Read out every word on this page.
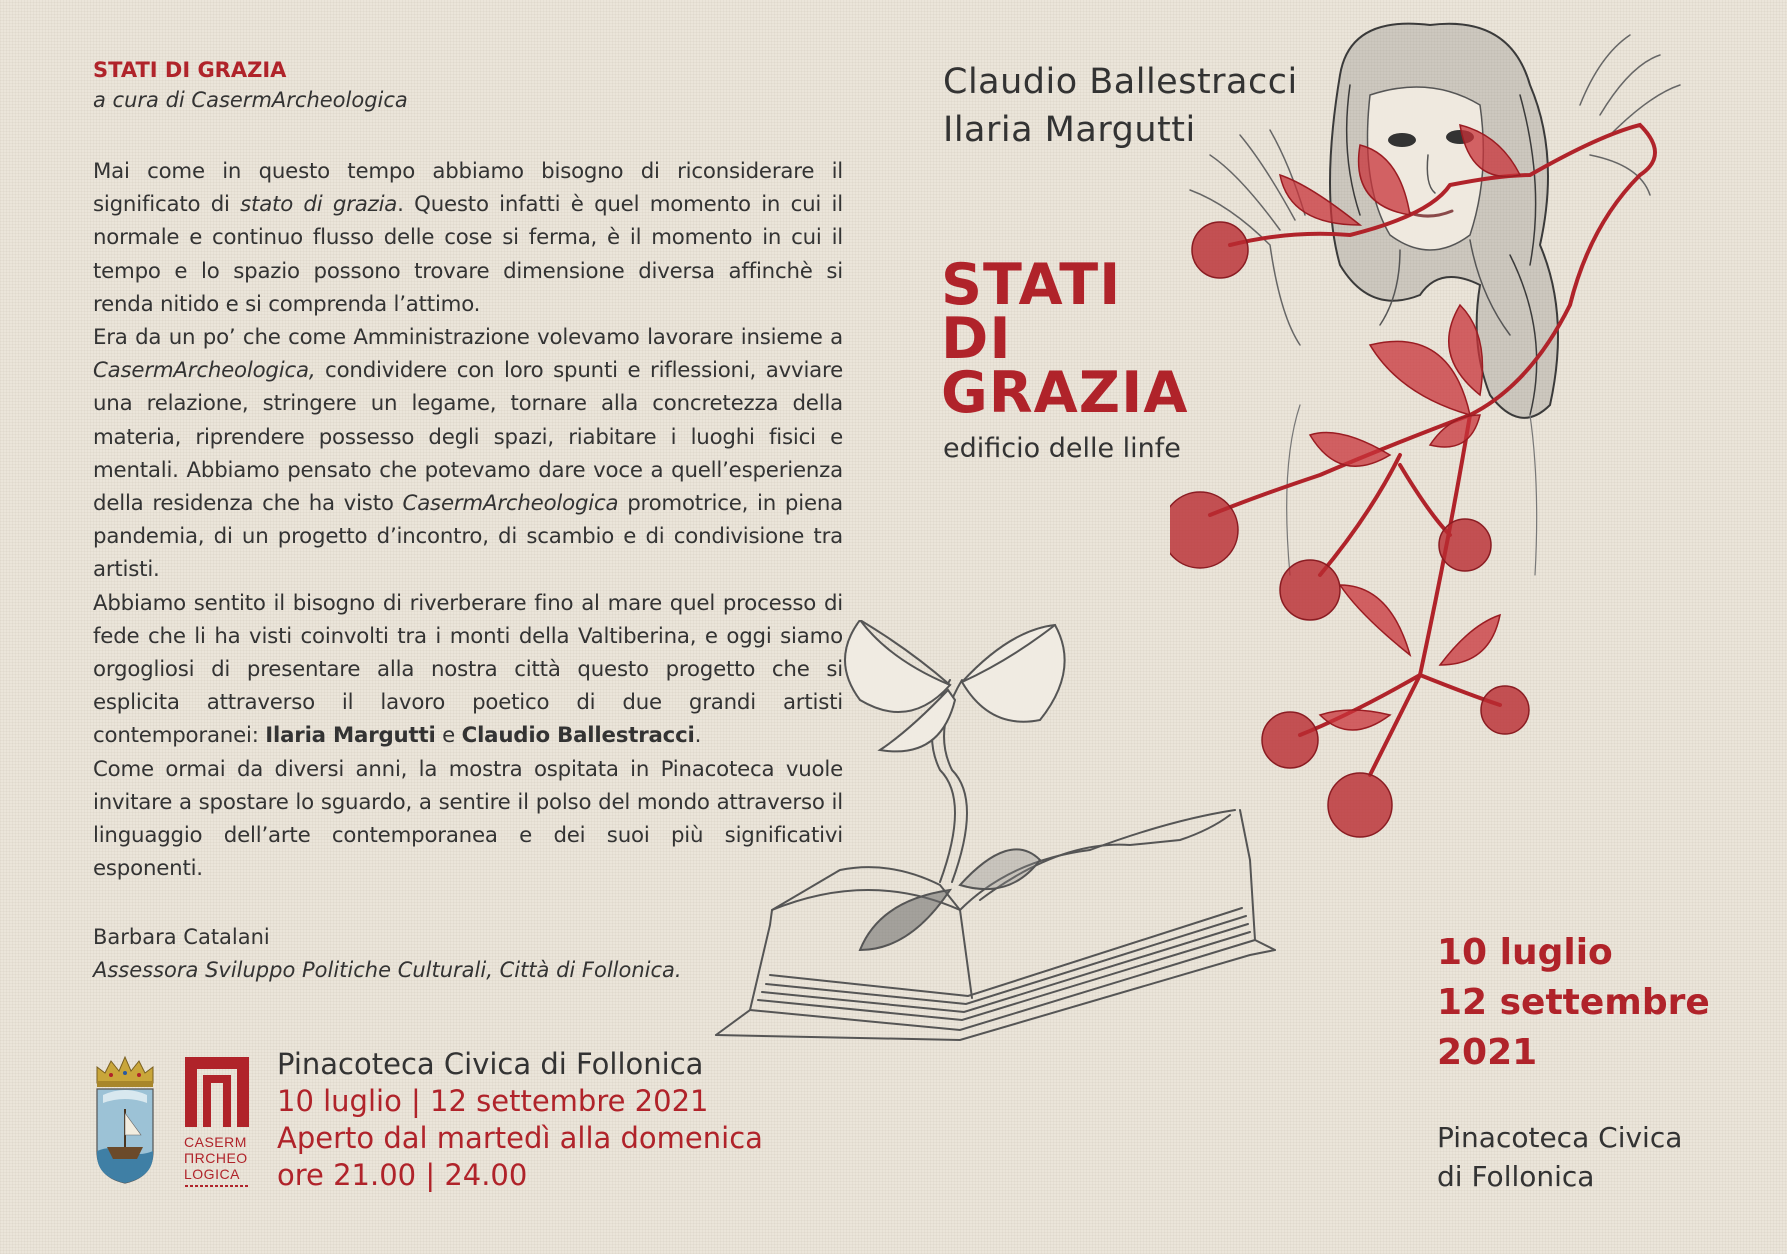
STATI DI GRAZIA
a cura di CasermArcheologica

Mai come in questo tempo abbiamo bisogno di riconsiderare il significato di stato di grazia. Questo infatti è quel momento in cui il normale e continuo flusso delle cose si ferma, è il momento in cui il tempo e lo spazio possono trovare dimensione diversa affinchè si renda nitido e si comprenda l’attimo.

Era da un po’ che come Amministrazione volevamo lavorare insieme a CasermArcheologica, condividere con loro spunti e riflessioni, avviare una relazione, stringere un legame, tornare alla concretezza della materia, riprendere possesso degli spazi, riabitare i luoghi fisici e mentali. Abbiamo pensato che potevamo dare voce a quell’esperienza della residenza che ha visto CasermArcheologica promotrice, in piena pandemia, di un progetto d’incontro, di scambio e di condivisione tra artisti.

Abbiamo sentito il bisogno di riverberare fino al mare quel processo di fede che li ha visti coinvolti tra i monti della Valtiberina, e oggi siamo orgogliosi di presentare alla nostra città questo progetto che si esplicita attraverso il lavoro poetico di due grandi artisti contemporanei: Ilaria Margutti e Claudio Ballestracci.

Come ormai da diversi anni, la mostra ospitata in Pinacoteca vuole invitare a spostare lo sguardo, a sentire il polso del mondo attraverso il linguaggio dell’arte contemporanea e dei suoi più significativi esponenti.

Barbara Catalani
Assessora Sviluppo Politiche Culturali, Città di Follonica.
CASERM
ΠRCHEO
LOGICA
Pinacoteca Civica di Follonica
10 luglio | 12 settembre 2021
Aperto dal martedì alla domenica
ore 21.00 | 24.00
Claudio Ballestracci
Ilaria Margutti
STATI
DI
GRAZIA
edificio delle linfe
10 luglio
12 settembre
2021
Pinacoteca Civica
di Follonica
